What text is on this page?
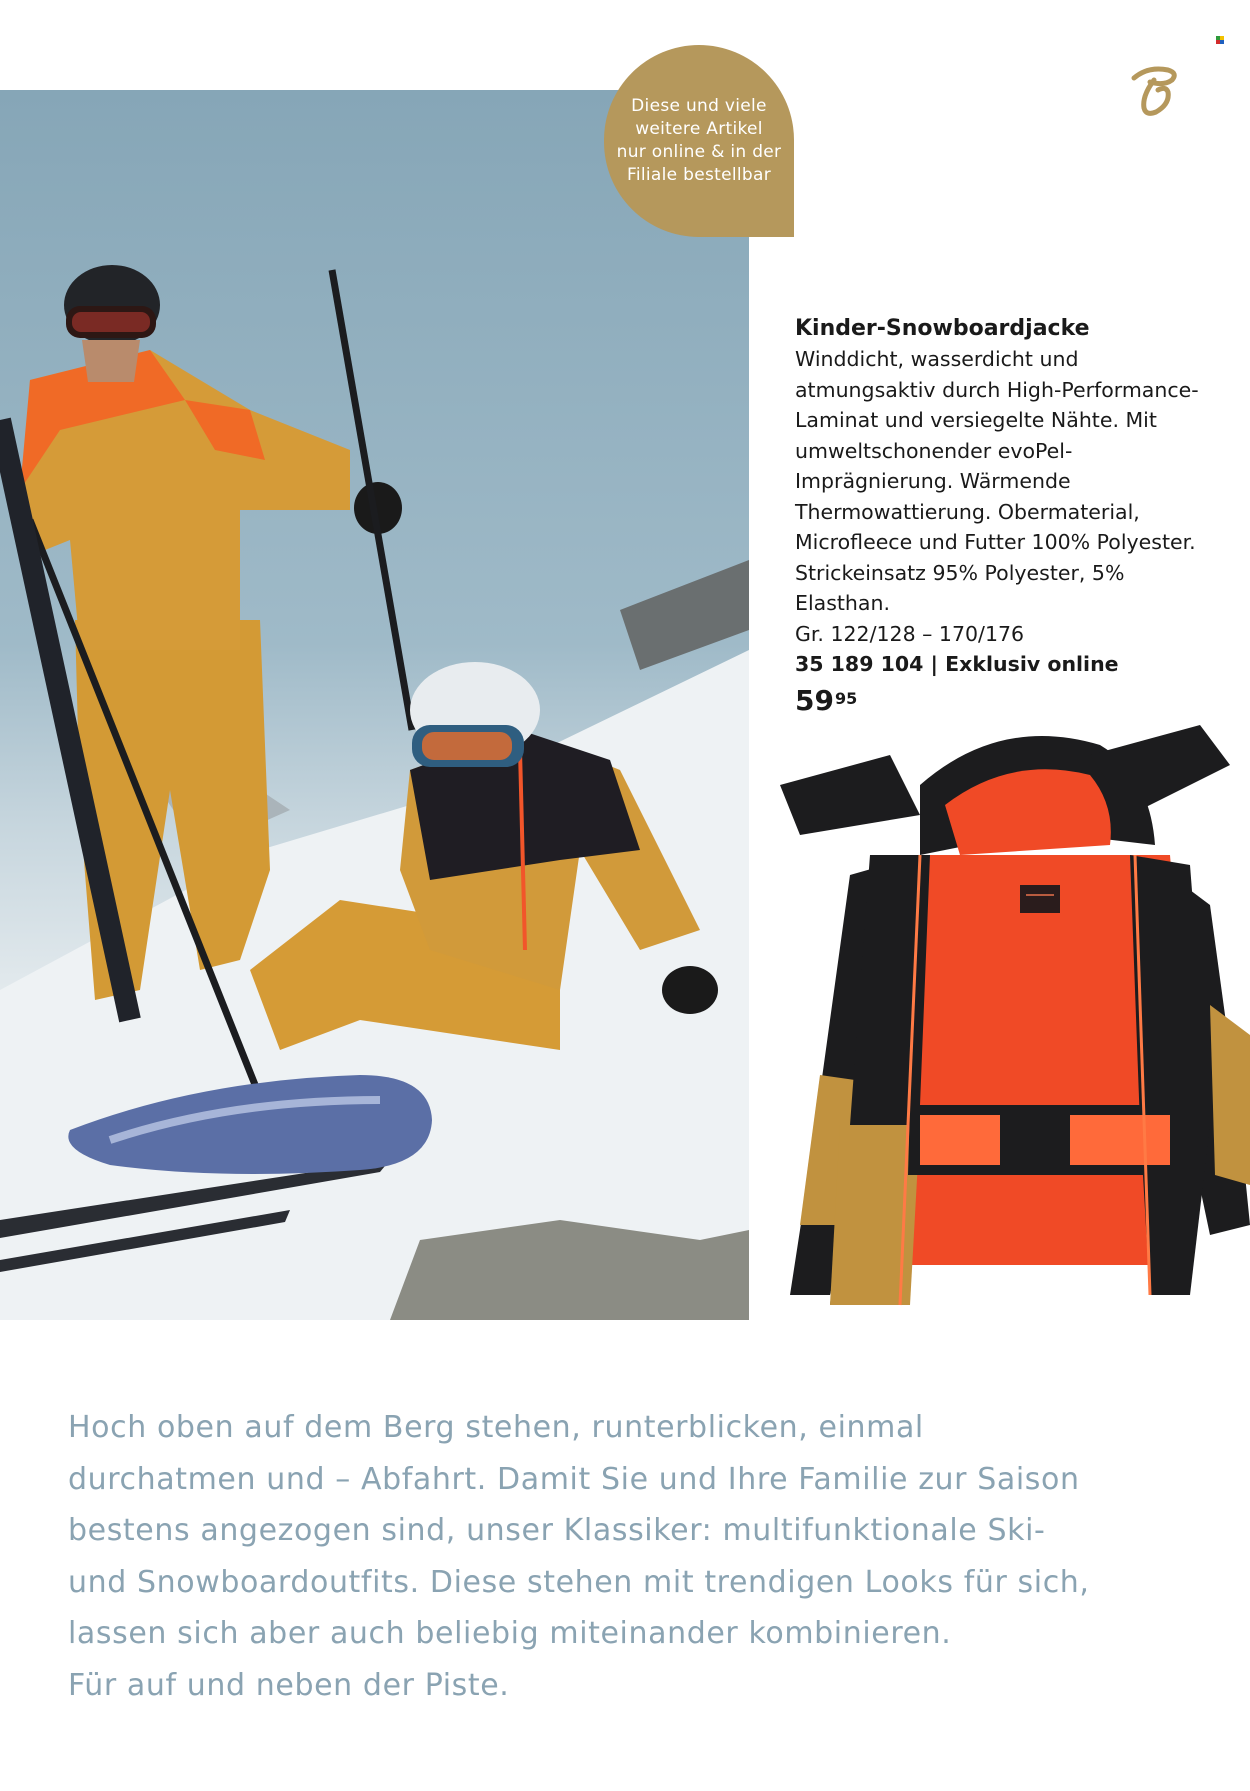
Diese und viele
weitere Artikel
nur online & in der
Filiale bestellbar

Kinder-Snowboardjacke

Winddicht, wasserdicht und atmungsaktiv durch High-Performance-Laminat und versiegelte Nähte. Mit umweltschonender evoPel-Imprägnierung. Wärmende Thermowattierung. Obermaterial, Microfleece und Futter 100% Polyester. Strickeinsatz 95% Polyester, 5% Elasthan.

Gr. 122/128 – 170/176

35 189 104 | Exklusiv online

$59^{95}$
Hoch oben auf dem Berg stehen, runterblicken, einmal
durchatmen und – Abfahrt. Damit Sie und Ihre Familie zur Saison
bestens angezogen sind, unser Klassiker: multifunktionale Ski-
und Snowboardoutfits. Diese stehen mit trendigen Looks für sich,
lassen sich aber auch beliebig miteinander kombinieren.
Für auf und neben der Piste.
